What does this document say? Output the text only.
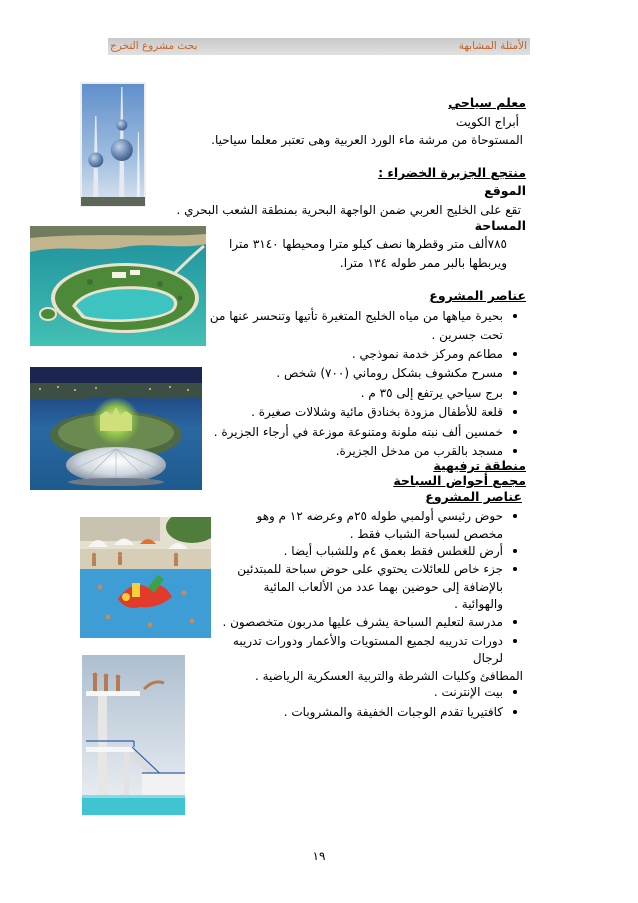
الأمثلة المشابهة
بحث مشروع التخرج
معلم سياحي
أبراج الكويت
المستوحاة من مرشة ماء الورد العربية وهى تعتبر معلما سياحيا.
منتجع الجزيرة الخضراء :
الموقع
تقع على الخليج العربي ضمن الواجهة البحرية بمنطقة الشعب البحري .
المساحة
٧٨٥ألف متر وقطرها نصف كيلو مترا ومحيطها ٣١٤٠ مترا
ويربطها بالبر ممر طوله ١٣٤ مترا.
عناصر المشروع
بحيرة مياهها من مياه الخليج المتغيرة تأتيها وتنحسر عنها من
تحت جسرين .
مطاعم ومركز خدمة نموذجي .
مسرح مكشوف بشكل روماني (٧٠٠) شخص .
برج سياحي يرتفع إلى ٣٥ م .
قلعة للأطفال مزودة بخنادق مائية وشلالات صغيرة .
خمسين ألف نبته ملونة ومتنوعة موزعة في أرجاء الجزيرة .
مسجد بالقرب من مدخل الجزيرة.
منطقة ترفيهية
مجمع أحواض السباحة
عناصر المشروع
حوض رئيسي أولمبي طوله ٢٥م وعرضه ١٢ م وهو
مخصص لسباحة الشباب فقط .
أرض للغطس فقط بعمق ٤م وللشباب أيضا .
جزء خاص للعائلات يحتوي على حوض سباحة للمبتدئين
بالإضافة إلى حوضين بهما عدد من الألعاب المائية
والهوائية .
مدرسة لتعليم السباحة يشرف عليها مدربون متخصصون .
دورات تدريبه لجميع المستويات والأعمار ودورات تدريبه
لرجال
المطافئ وكليات الشرطة والتربية العسكرية الرياضية .
بيت الإنترنت .
كافتيريا تقدم الوجبات الخفيفة والمشروبات .
١٩
